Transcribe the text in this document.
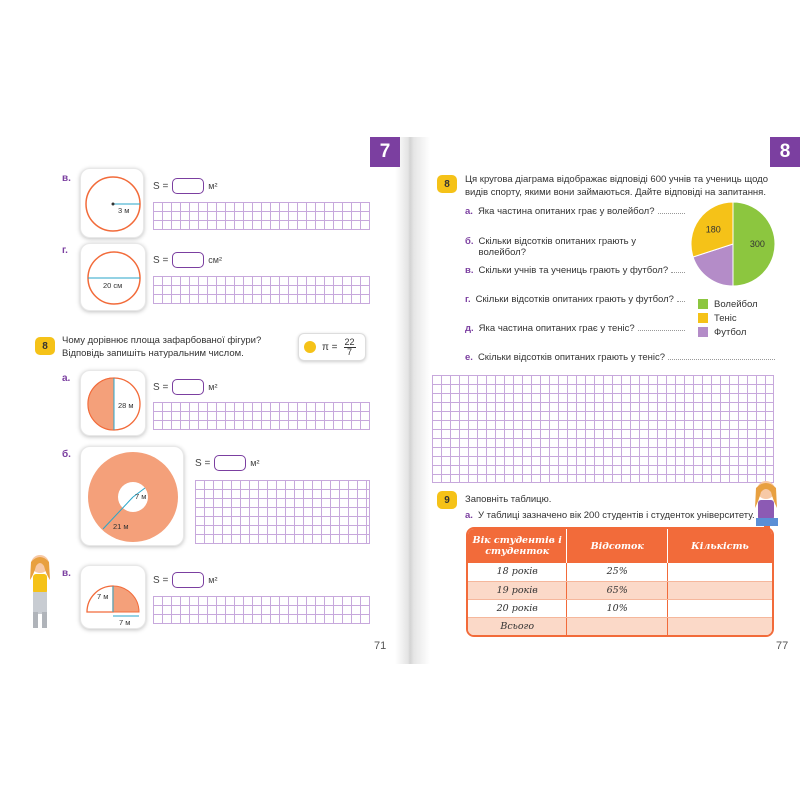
7
в.
3 м
S =	м²
г.
20 см
S =	см²
8 Чому дорівнює площа зафарбованої фігури?
Відповідь запишіть натуральним числом.
$\pi = \frac{22}{7}$
а.
28 м
S =	м²
б.
7 м
21 м
S =	м²
в.
7 м
7 м
S =	м²
71
8
8 Ця кругова діаграма відображає відповіді 600 учнів та учениць щодо
видів спорту, якими вони займаються. Дайте відповіді на запитання.
а. Яка частина опитаних грає у волейбол?
б. Скільки відсотків опитаних грають у волейбол?
в. Скільки учнів та учениць грають у футбол?
г. Скільки відсотків опитаних грають у футбол?
д. Яка частина опитаних грає у теніс?
е. Скільки відсотків опитаних грають у теніс?
300
180
Волейбол
Теніс
Футбол
9 Заповніть таблицю.
а. У таблиці зазначено вік 200 студентів і студенток університету.
Вік студентів і студенток	Відсоток	Кількість
18 років	25%	
19 років	65%	
20 років	10%	
Всього		
77
